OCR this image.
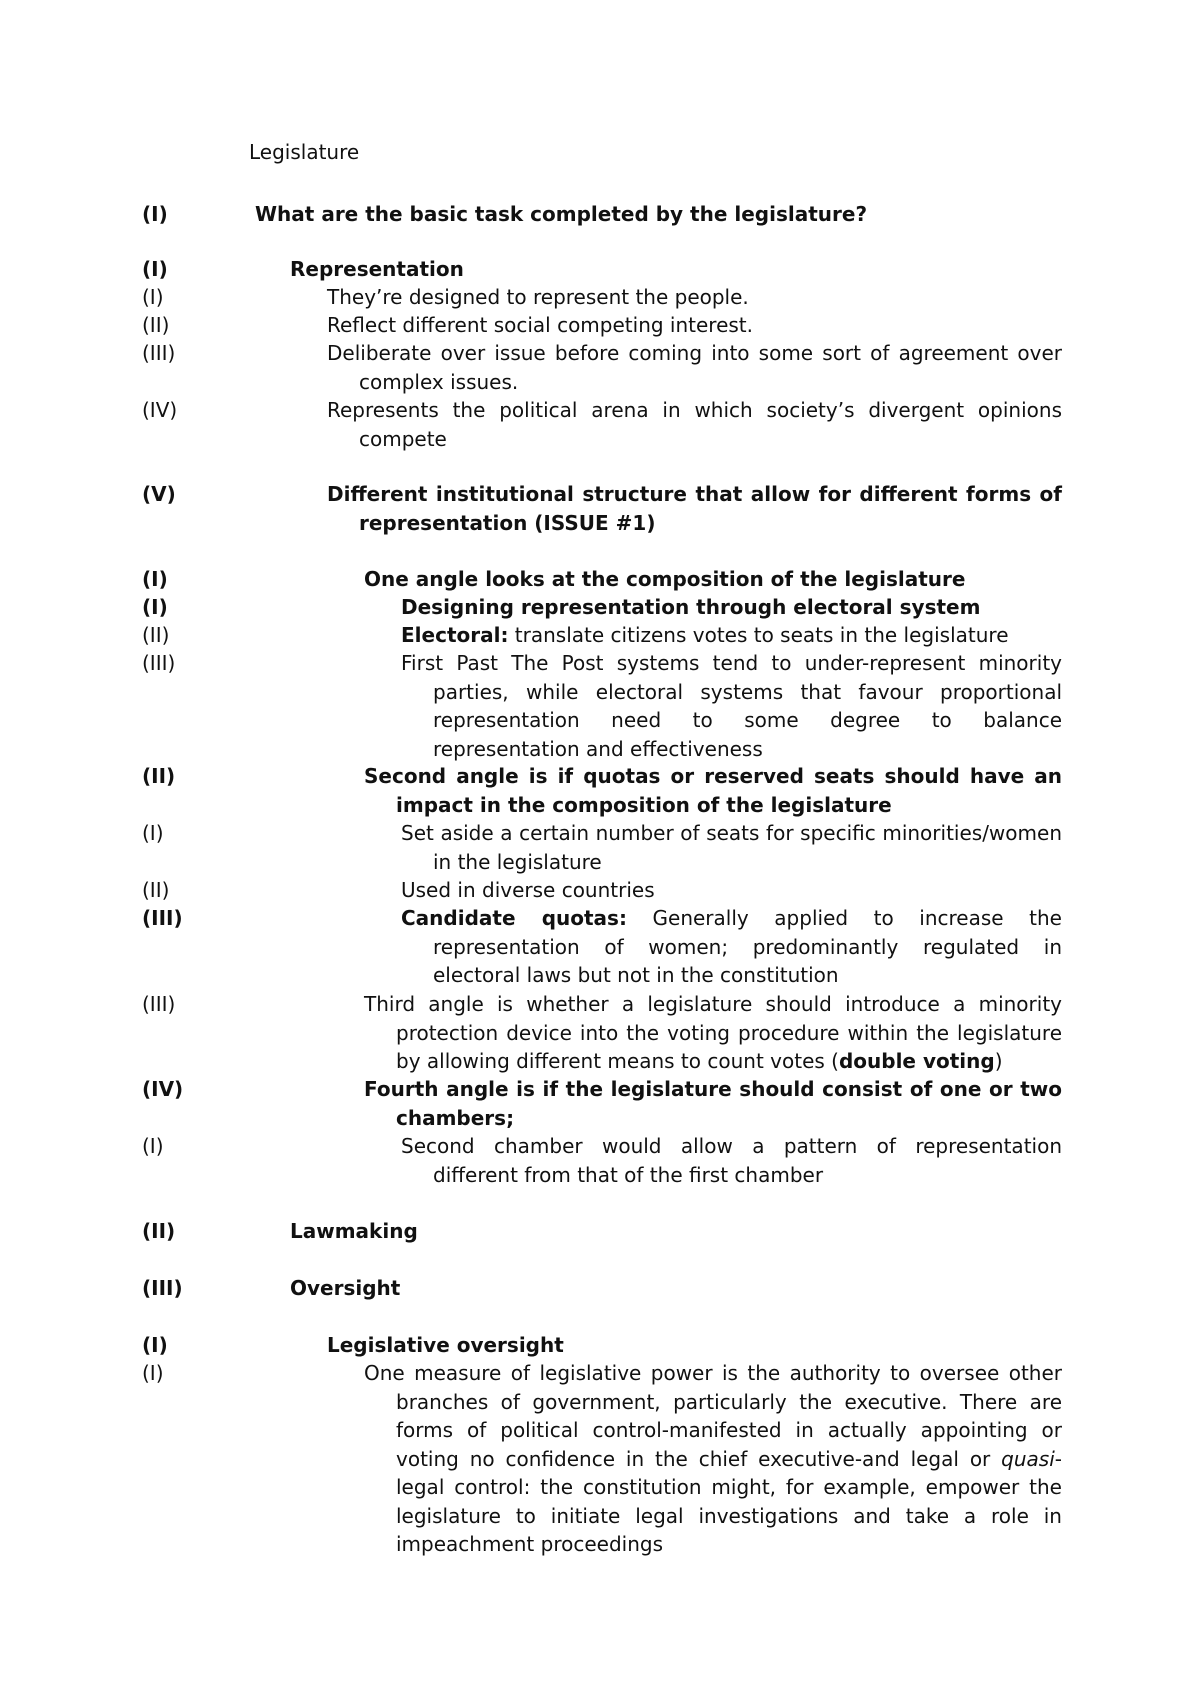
Legislature
(I)	What are the basic task completed by the legislature?
(I)	Representation
(I)	They’re designed to represent the people.
(II)	Reflect different social competing interest.
(III)	Deliberate over issue before coming into some sort of agreement over complex issues.
(IV)	Represents the political arena in which society’s divergent opinions compete
(V)	Different institutional structure that allow for different forms of representation (ISSUE #1)
(I)	One angle looks at the composition of the legislature
(I)	Designing representation through electoral system
(II)	Electoral: translate citizens votes to seats in the legislature
(III)	First Past The Post systems tend to under-represent minority parties, while electoral systems that favour proportional representation need to some degree to balance representation and effectiveness
(II)	Second angle is if quotas or reserved seats should have an impact in the composition of the legislature
(I)	Set aside a certain number of seats for specific minorities/women in the legislature
(II)	Used in diverse countries
(III)	Candidate quotas: Generally applied to increase the representation of women; predominantly regulated in electoral laws but not in the constitution
(III)	Third angle is whether a legislature should introduce a minority protection device into the voting procedure within the legislature by allowing different means to count votes (double voting)
(IV)	Fourth angle is if the legislature should consist of one or two chambers;
(I)	Second chamber would allow a pattern of representation different from that of the first chamber
(II)	Lawmaking
(III)	Oversight
(I)	Legislative oversight
(I)	One measure of legislative power is the authority to oversee other branches of government, particularly the executive. There are forms of political control-manifested in actually appointing or voting no confidence in the chief executive-and legal or quasi-legal control: the constitution might, for example, empower the legislature to initiate legal investigations and take a role in impeachment proceedings
